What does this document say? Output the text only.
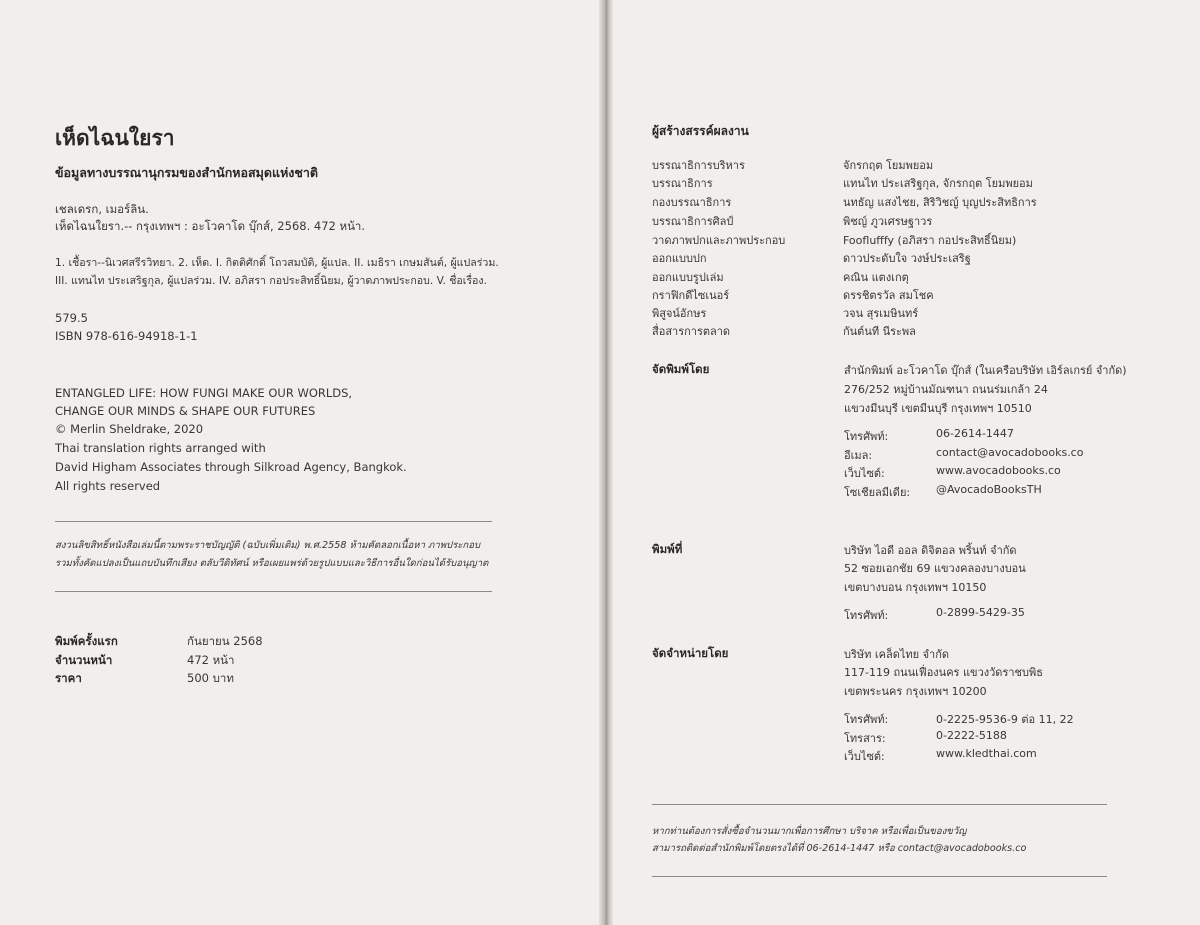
เห็ดไฉนใยรา
ข้อมูลทางบรรณานุกรมของสำนักหอสมุดแห่งชาติ
เชลเดรก, เมอร์ลิน.
เห็ดไฉนใยรา.-- กรุงเทพฯ : อะโวคาโด บุ๊กส์, 2568. 472 หน้า.
1. เชื้อรา--นิเวศสรีรวิทยา. 2. เห็ด. I. กิตติศักดิ์ โถวสมบัติ, ผู้แปล. II. เมธิรา เกษมสันต์, ผู้แปลร่วม.
III. แทนไท ประเสริฐกุล, ผู้แปลร่วม. IV. อภิสรา กอประสิทธิ์นิยม, ผู้วาดภาพประกอบ. V. ชื่อเรื่อง.
579.5
ISBN 978-616-94918-1-1
ENTANGLED LIFE: HOW FUNGI MAKE OUR WORLDS,
CHANGE OUR MINDS & SHAPE OUR FUTURES
© Merlin Sheldrake, 2020
Thai translation rights arranged with
David Higham Associates through Silkroad Agency, Bangkok.
All rights reserved
สงวนลิขสิทธิ์หนังสือเล่มนี้ตามพระราชบัญญัติ (ฉบับเพิ่มเติม) พ.ศ.2558 ห้ามคัดลอกเนื้อหา ภาพประกอบ
รวมทั้งคัดแปลงเป็นแถบบันทึกเสียง ตลับวีดิทัศน์ หรือเผยแพร่ด้วยรูปแบบและวิธีการอื่นใดก่อนได้รับอนุญาต
พิมพ์ครั้งแรก	กันยายน 2568
จำนวนหน้า	472 หน้า
ราคา	500 บาท
ผู้สร้างสรรค์ผลงาน
บรรณาธิการบริหาร	จักรกฤต โยมพยอม
บรรณาธิการ	แทนไท ประเสริฐกุล, จักรกฤต โยมพยอม
กองบรรณาธิการ	นทธัญ แสงไชย, สิริวิชญ์ บุญประสิทธิการ
บรรณาธิการศิลป์	พิชญ์ ภูวเศรษฐาวร
วาดภาพปกและภาพประกอบ	Fooflufffy (อภิสรา กอประสิทธิ์นิยม)
ออกแบบปก	ดาวประดับใจ วงษ์ประเสริฐ
ออกแบบรูปเล่ม	คณิน แตงเกตุ
กราฟิกดีไซเนอร์	ดรรชิตรวัล สมโชค
พิสูจน์อักษร	วจน สุรเมษินทร์
สื่อสารการตลาด	กันต์นที นีระพล
จัดพิมพ์โดย	สำนักพิมพ์ อะโวคาโด บุ๊กส์ (ในเครือบริษัท เอิร์ลเกรย์ จำกัด)
276/252 หมู่บ้านมัณฑนา ถนนร่มเกล้า 24
แขวงมีนบุรี เขตมีนบุรี กรุงเทพฯ 10510
โทรศัพท์:	06-2614-1447
อีเมล:	contact@avocadobooks.co
เว็บไซต์:	www.avocadobooks.co
โซเชียลมีเดีย: @AvocadoBooksTH
พิมพ์ที่	บริษัท ไอดี ออล ดิจิตอล พริ้นท์ จำกัด
52 ซอยเอกชัย 69 แขวงคลองบางบอน
เขตบางบอน กรุงเทพฯ 10150
โทรศัพท์:	0-2899-5429-35
จัดจำหน่ายโดย	บริษัท เคล็ดไทย จำกัด
117-119 ถนนเฟื่องนคร แขวงวัดราชบพิธ
เขตพระนคร กรุงเทพฯ 10200
โทรศัพท์:	0-2225-9536-9 ต่อ 11, 22
โทรสาร:	0-2222-5188
เว็บไซต์:	www.kledthai.com
หากท่านต้องการสั่งซื้อจำนวนมากเพื่อการศึกษา บริจาค หรือเพื่อเป็นของขวัญ
สามารถติดต่อสำนักพิมพ์โดยตรงได้ที่ 06-2614-1447 หรือ contact@avocadobooks.co
